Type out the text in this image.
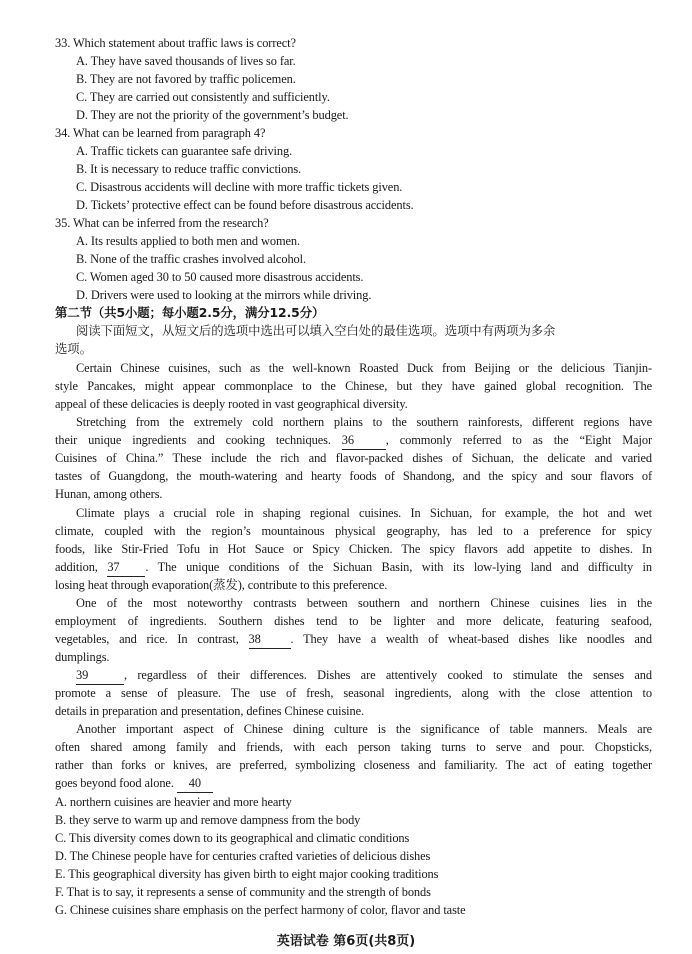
33. Which statement about traffic laws is correct?
A. They have saved thousands of lives so far.
B. They are not favored by traffic policemen.
C. They are carried out consistently and sufficiently.
D. They are not the priority of the government’s budget.
34. What can be learned from paragraph 4?
A. Traffic tickets can guarantee safe driving.
B. It is necessary to reduce traffic convictions.
C. Disastrous accidents will decline with more traffic tickets given.
D. Tickets’ protective effect can be found before disastrous accidents.
35. What can be inferred from the research?
A. Its results applied to both men and women.
B. None of the traffic crashes involved alcohol.
C. Women aged 30 to 50 caused more disastrous accidents.
D. Drivers were used to looking at the mirrors while driving.
第二节（共5小题；每小题2.5分，满分12.5分）
阅读下面短文，从短文后的选项中选出可以填入空白处的最佳选项。选项中有两项为多余
选项。
Certain Chinese cuisines, such as the well-known Roasted Duck from Beijing or the delicious Tianjin-
style Pancakes, might appear commonplace to the Chinese, but they have gained global recognition. The
appeal of these delicacies is deeply rooted in vast geographical diversity.
Stretching from the extremely cold northern plains to the southern rainforests, different regions have
their unique ingredients and cooking techniques. 36	, commonly referred to as the “Eight Major
Cuisines of China.” These include the rich and flavor-packed dishes of Sichuan, the delicate and varied
tastes of Guangdong, the mouth-watering and hearty foods of Shandong, and the spicy and sour flavors of
Hunan, among others.
Climate plays a crucial role in shaping regional cuisines. In Sichuan, for example, the hot and wet
climate, coupled with the region’s mountainous physical geography, has led to a preference for spicy
foods, like Stir-Fried Tofu in Hot Sauce or Spicy Chicken. The spicy flavors add appetite to dishes. In
addition, 37 . The unique conditions of the Sichuan Basin, with its low-lying land and difficulty in
losing heat through evaporation(蒸发), contribute to this preference.
One of the most noteworthy contrasts between southern and northern Chinese cuisines lies in the
employment of ingredients. Southern dishes tend to be lighter and more delicate, featuring seafood,
vegetables, and rice. In contrast, 38 . They have a wealth of wheat-based dishes like noodles and
dumplings.
39	, regardless of their differences. Dishes are attentively cooked to stimulate the senses and
promote a sense of pleasure. The use of fresh, seasonal ingredients, along with the close attention to
details in preparation and presentation, defines Chinese cuisine.
Another important aspect of Chinese dining culture is the significance of table manners. Meals are
often shared among family and friends, with each person taking turns to serve and pour. Chopsticks,
rather than forks or knives, are preferred, symbolizing closeness and familiarity. The act of eating together
goes beyond food alone. 40
A. northern cuisines are heavier and more hearty
B. they serve to warm up and remove dampness from the body
C. This diversity comes down to its geographical and climatic conditions
D. The Chinese people have for centuries crafted varieties of delicious dishes
E. This geographical diversity has given birth to eight major cooking traditions
F. That is to say, it represents a sense of community and the strength of bonds
G. Chinese cuisines share emphasis on the perfect harmony of color, flavor and taste
英语试卷 第6页(共8页)
